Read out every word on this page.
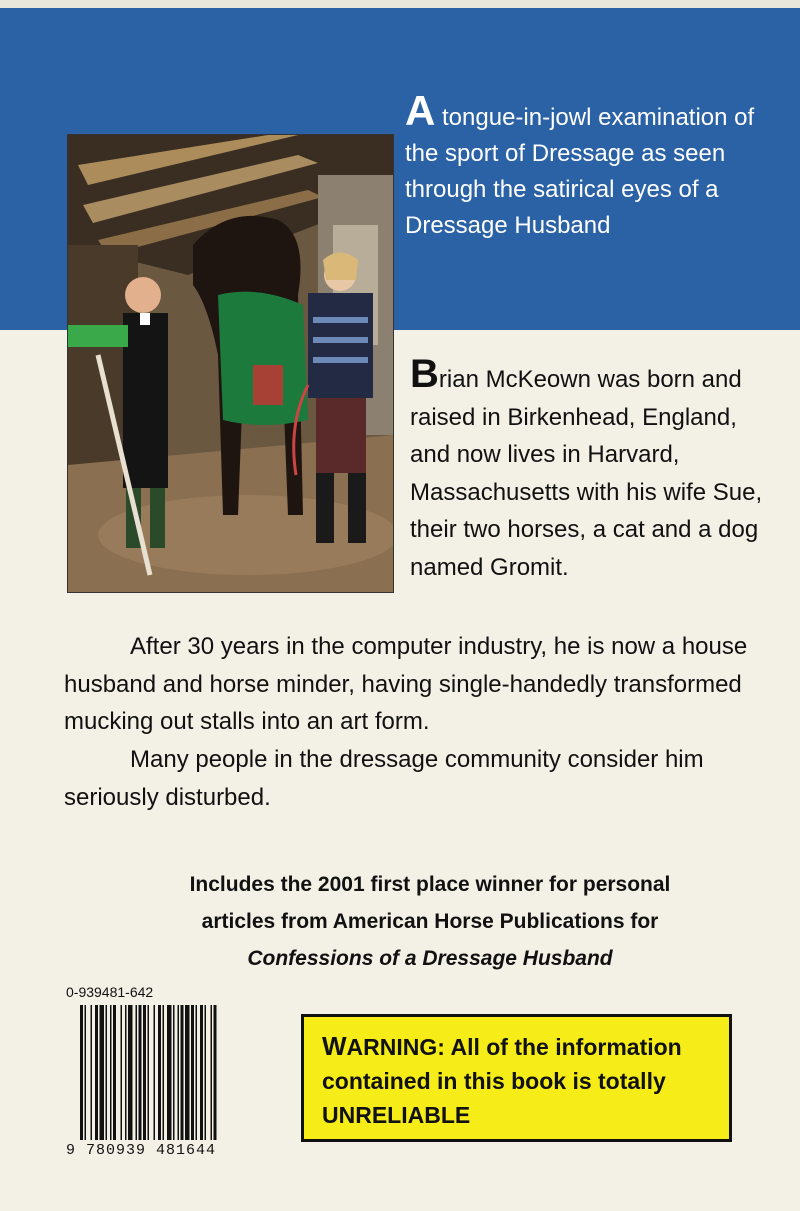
A tongue-in-jowl examination of the sport of Dressage as seen through the satirical eyes of a Dressage Husband
Brian McKeown was born and raised in Birkenhead, England, and now lives in Harvard, Massachusetts with his wife Sue, their two horses, a cat and a dog named Gromit.
After 30 years in the computer industry, he is now a house husband and horse minder, having single-handedly transformed mucking out stalls into an art form.
Many people in the dressage community consider him seriously disturbed.
Includes the 2001 first place winner for personal
articles from American Horse Publications for
Confessions of a Dressage Husband
0-939481-642
9 780939 481644
WARNING: All of the information contained in this book is totally UNRELIABLE
